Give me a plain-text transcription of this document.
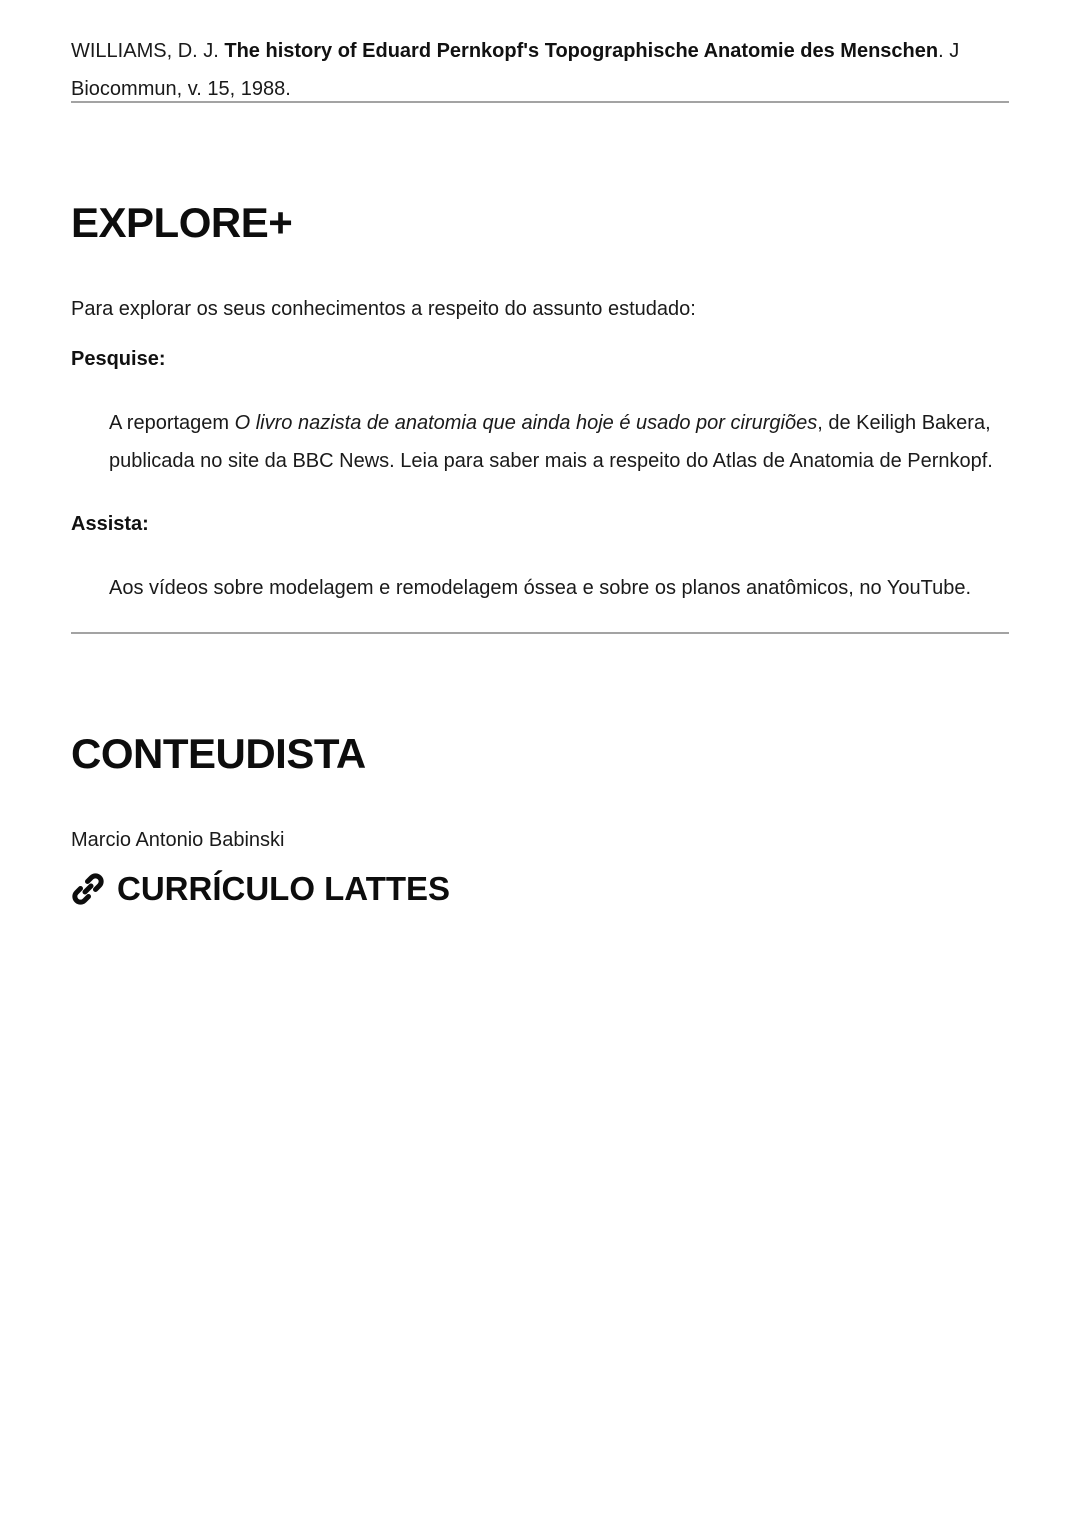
WILLIAMS, D. J. The history of Eduard Pernkopf's Topographische Anatomie des Menschen. J Biocommun, v. 15, 1988.

EXPLORE+

Para explorar os seus conhecimentos a respeito do assunto estudado:

Pesquise:

A reportagem O livro nazista de anatomia que ainda hoje é usado por cirurgiões, de Keiligh Bakera, publicada no site da BBC News. Leia para saber mais a respeito do Atlas de Anatomia de Pernkopf.

Assista:

Aos vídeos sobre modelagem e remodelagem óssea e sobre os planos anatômicos, no YouTube.

CONTEUDISTA

Marcio Antonio Babinski

CURRÍCULO LATTES
